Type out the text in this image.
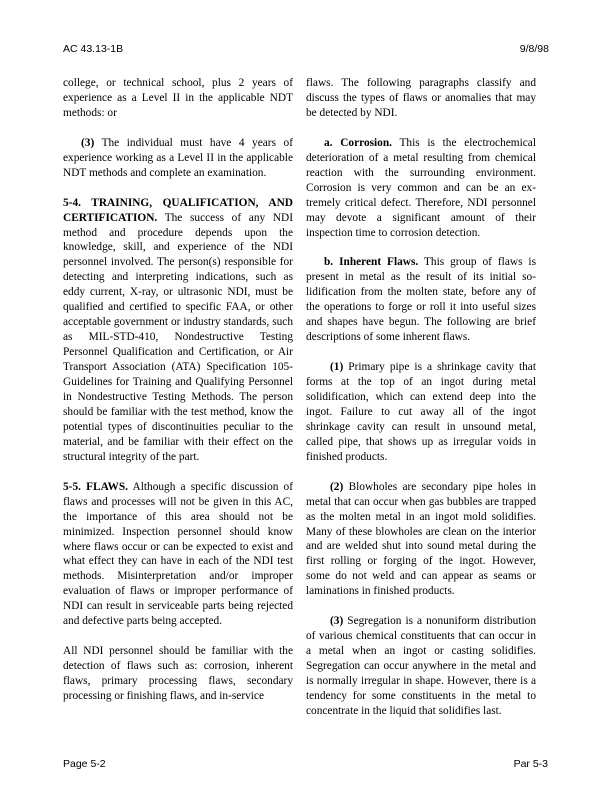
AC 43.13-1B	9/8/98

college, or technical school, plus 2 years of experience as a Level II in the applicable NDT methods: or

(3) The individual must have 4 years of experience working as a Level II in the applicable NDT methods and complete an examination.

5-4. TRAINING, QUALIFICATION, AND CERTIFICATION. The success of any NDI method and procedure depends upon the knowledge, skill, and experience of the NDI personnel involved. The person(s) responsible for detecting and interpreting indications, such as eddy current, X-ray, or ultrasonic NDI, must be qualified and certified to specific FAA, or other acceptable government or industry standards, such as MIL-STD-410, Nondestructive Testing Personnel Qualification and Certification, or Air Transport Association (ATA) Specification 105-Guidelines for Training and Qualifying Personnel in Nondestructive Testing Methods. The person should be familiar with the test method, know the potential types of discontinuities peculiar to the material, and be familiar with their effect on the structural integrity of the part.

5-5. FLAWS. Although a specific discussion of flaws and processes will not be given in this AC, the importance of this area should not be minimized. Inspection personnel should know where flaws occur or can be expected to exist and what effect they can have in each of the NDI test methods. Misinterpretation and/or improper evaluation of flaws or improper performance of NDI can result in serviceable parts being rejected and defective parts being accepted.

All NDI personnel should be familiar with the detection of flaws such as: corrosion, inherent flaws, primary processing flaws, secondary processing or finishing flaws, and in-service

flaws. The following paragraphs classify and discuss the types of flaws or anomalies that may be detected by NDI.

a. Corrosion. This is the electrochemical deterioration of a metal resulting from chemical reaction with the surrounding environment. Corrosion is very common and can be an extremely critical defect. Therefore, NDI personnel may devote a significant amount of their inspection time to corrosion detection.

b. Inherent Flaws. This group of flaws is present in metal as the result of its initial solidification from the molten state, before any of the operations to forge or roll it into useful sizes and shapes have begun. The following are brief descriptions of some inherent flaws.

(1) Primary pipe is a shrinkage cavity that forms at the top of an ingot during metal solidification, which can extend deep into the ingot. Failure to cut away all of the ingot shrinkage cavity can result in unsound metal, called pipe, that shows up as irregular voids in finished products.

(2) Blowholes are secondary pipe holes in metal that can occur when gas bubbles are trapped as the molten metal in an ingot mold solidifies. Many of these blowholes are clean on the interior and are welded shut into sound metal during the first rolling or forging of the ingot. However, some do not weld and can appear as seams or laminations in finished products.

(3) Segregation is a nonuniform distribution of various chemical constituents that can occur in a metal when an ingot or casting solidifies. Segregation can occur anywhere in the metal and is normally irregular in shape. However, there is a tendency for some constituents in the metal to concentrate in the liquid that solidifies last.

Page 5-2	Par 5-3
